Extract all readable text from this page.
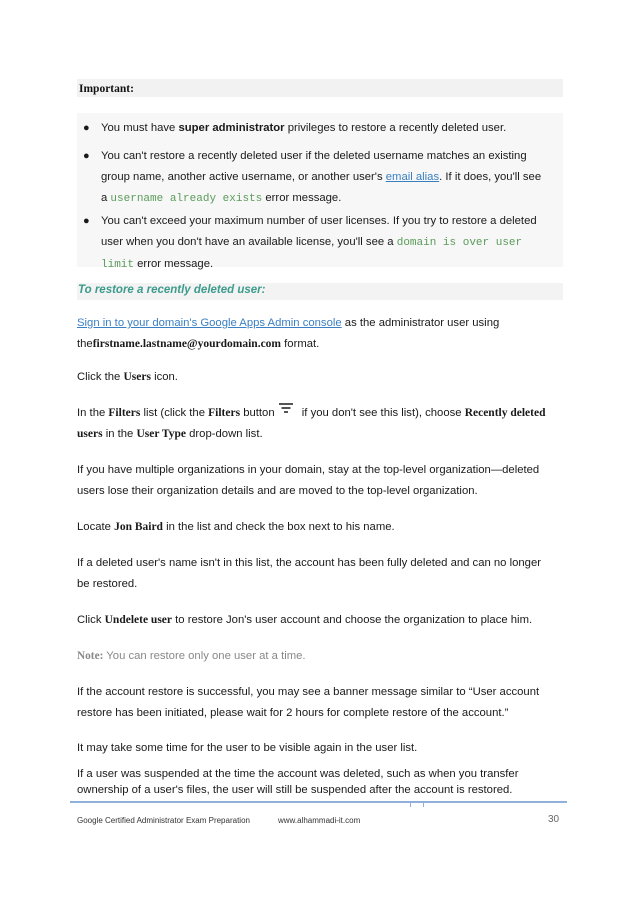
Important:
● You must have super administrator privileges to restore a recently deleted user.
● You can't restore a recently deleted user if the deleted username matches an existing
group name, another active username, or another user's email alias. If it does, you'll see
a username already exists error message.
● You can't exceed your maximum number of user licenses. If you try to restore a deleted
user when you don't have an available license, you'll see a domain is over user
limit error message.
To restore a recently deleted user:
Sign in to your domain's Google Apps Admin console as the administrator user using
thefirstname.lastname@yourdomain.com format.
Click the Users icon.
In the Filters list (click the Filters button
if you don't see this list), choose Recently deleted
users in the User Type drop-down list.
If you have multiple organizations in your domain, stay at the top-level organization—deleted
users lose their organization details and are moved to the top-level organization.
Locate Jon Baird in the list and check the box next to his name.
If a deleted user's name isn't in this list, the account has been fully deleted and can no longer
be restored.
Click Undelete user to restore Jon's user account and choose the organization to place him.
Note: You can restore only one user at a time.
If the account restore is successful, you may see a banner message similar to “User account
restore has been initiated, please wait for 2 hours for complete restore of the account.”
It may take some time for the user to be visible again in the user list.
If a user was suspended at the time the account was deleted, such as when you transfer
ownership of a user's files, the user will still be suspended after the account is restored.
Google Certified Administrator Exam Preparation	www.alhammadi-it.com	30
